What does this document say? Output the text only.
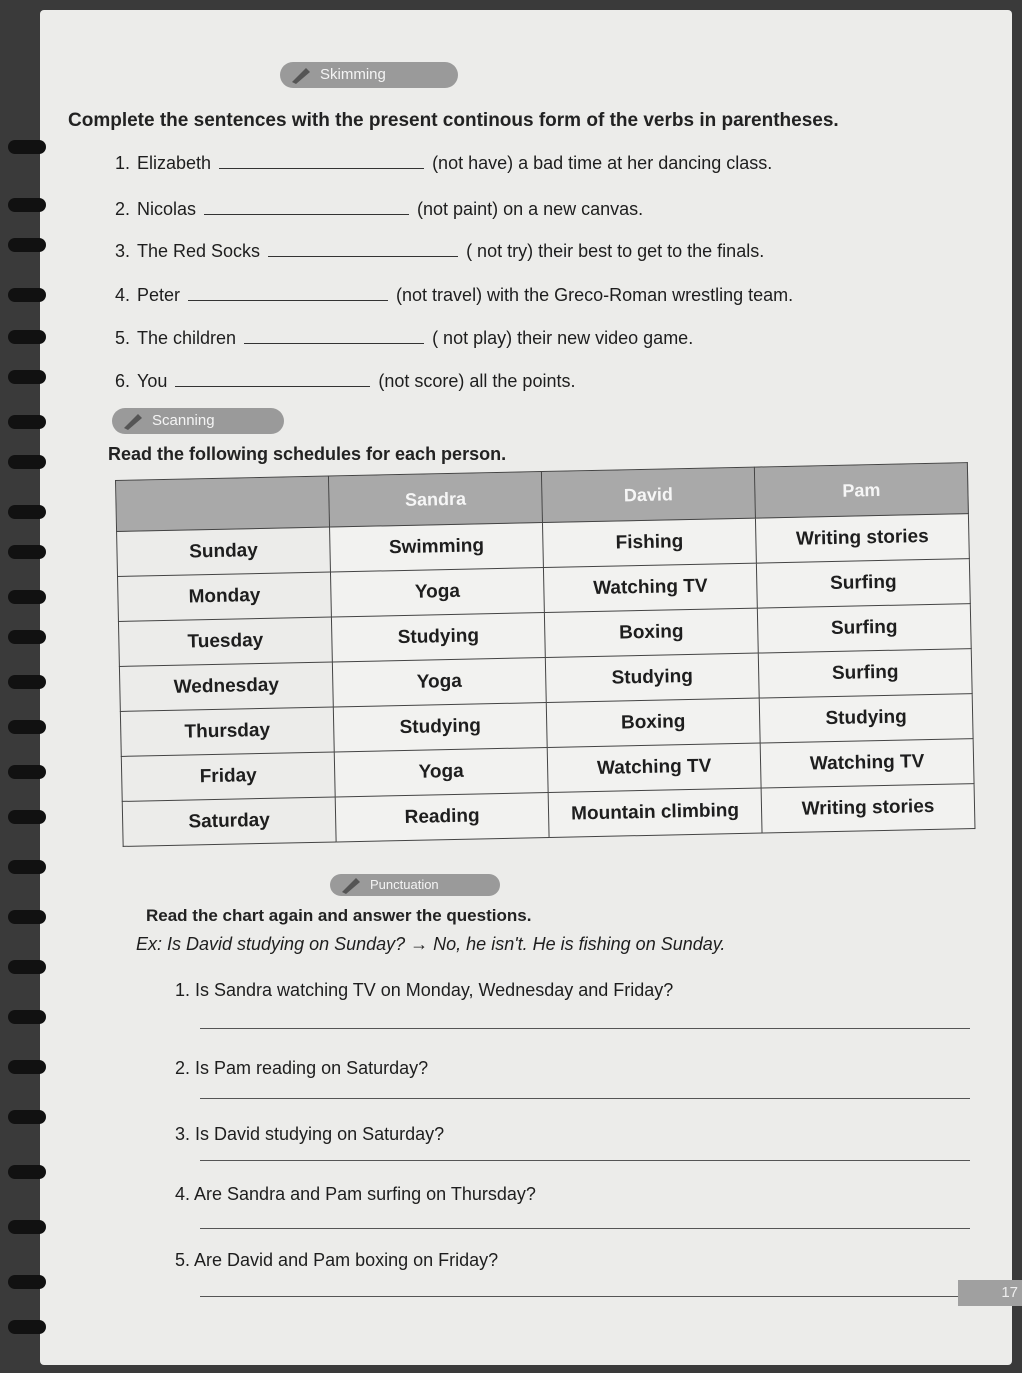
Skimming
Complete the sentences with the present continous form of the verbs in parentheses.
1. Elizabeth	(not have) a bad time at her dancing class.
2. Nicolas	(not paint) on a new canvas.
3. The Red Socks	( not try) their best to get to the finals.
4. Peter	(not travel) with the Greco-Roman wrestling team.
5. The children	( not play) their new video game.
6. You	(not score) all the points.
Scanning
Read the following schedules for each person.
	Sandra	David	Pam
Sunday	Swimming	Fishing	Writing stories
Monday	Yoga	Watching TV	Surfing
Tuesday	Studying	Boxing	Surfing
Wednesday	Yoga	Studying	Surfing
Thursday	Studying	Boxing	Studying
Friday	Yoga	Watching TV	Watching TV
Saturday	Reading	Mountain climbing	Writing stories
Punctuation
Read the chart again and answer the questions.
Ex: Is David studying on Sunday? → No, he isn't. He is fishing on Sunday.
1. Is Sandra watching TV on Monday, Wednesday and Friday?
2. Is Pam reading on Saturday?
3. Is David studying on Saturday?
4. Are Sandra and Pam surfing on Thursday?
5. Are David and Pam boxing on Friday?
17
